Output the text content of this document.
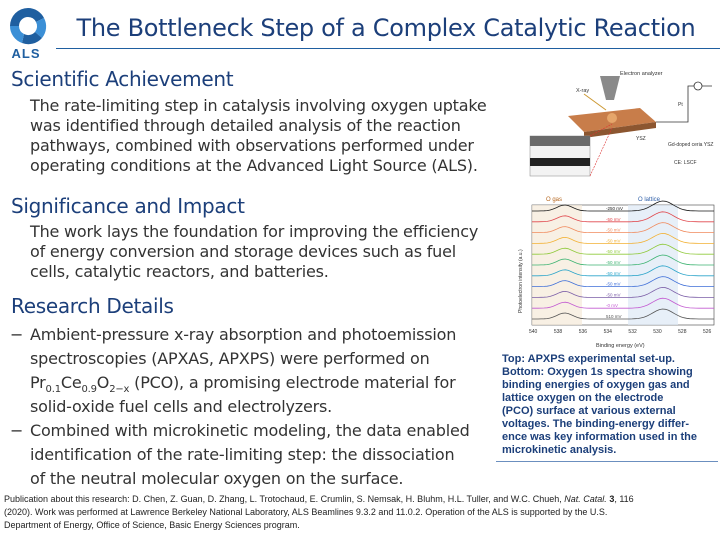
ALS
The Bottleneck Step of a Complex Catalytic Reaction
Scientific Achievement
The rate-limiting step in catalysis involving oxygen uptake
was identified through detailed analysis of the reaction
pathways, combined with observations performed under
operating conditions at the Advanced Light Source (ALS).
Significance and Impact
The work lays the foundation for improving the efficiency
of energy conversion and storage devices such as fuel
cells, catalytic reactors, and batteries.
Research Details
− Ambient-pressure x-ray absorption and photoemission
spectroscopies (APXAS, APXPS) were performed on
$Pr_{0.1}Ce_{0.9}O_{2-x}$ (PCO), a promising electrode material for
solid-oxide fuel cells and electrolyzers.
− Combined with microkinetic modeling, the data enabled
identification of the rate-limiting step: the dissociation
of the neutral molecular oxygen on the surface.
Electron analyzer
X-ray
Pt
YSZ
Gd-doped ceria YSZ
CE: LSCF
O gas	O lattice
Photoelectron intensity (a.u.)
Binding energy (eV)
-250 mV
-50 mV
-50 mV
-50 mV
-50 mV
-50 mV
-50 mV
-50 mV
-50 mV
-0 mV
510 mV
540	538	536	534	532	530	528	526
Top: APXPS experimental set-up.
Bottom: Oxygen 1s spectra showing
binding energies of oxygen gas and
lattice oxygen on the electrode
(PCO) surface at various external
voltages. The binding-energy differ-
ence was key information used in the
microkinetic analysis.
Publication about this research: D. Chen, Z. Guan, D. Zhang, L. Trotochaud, E. Crumlin, S. Nemsak, H. Bluhm, H.L. Tuller, and W.C. Chueh, Nat. Catal. 3, 116
(2020). Work was performed at Lawrence Berkeley National Laboratory, ALS Beamlines 9.3.2 and 11.0.2. Operation of the ALS is supported by the U.S.
Department of Energy, Office of Science, Basic Energy Sciences program.
